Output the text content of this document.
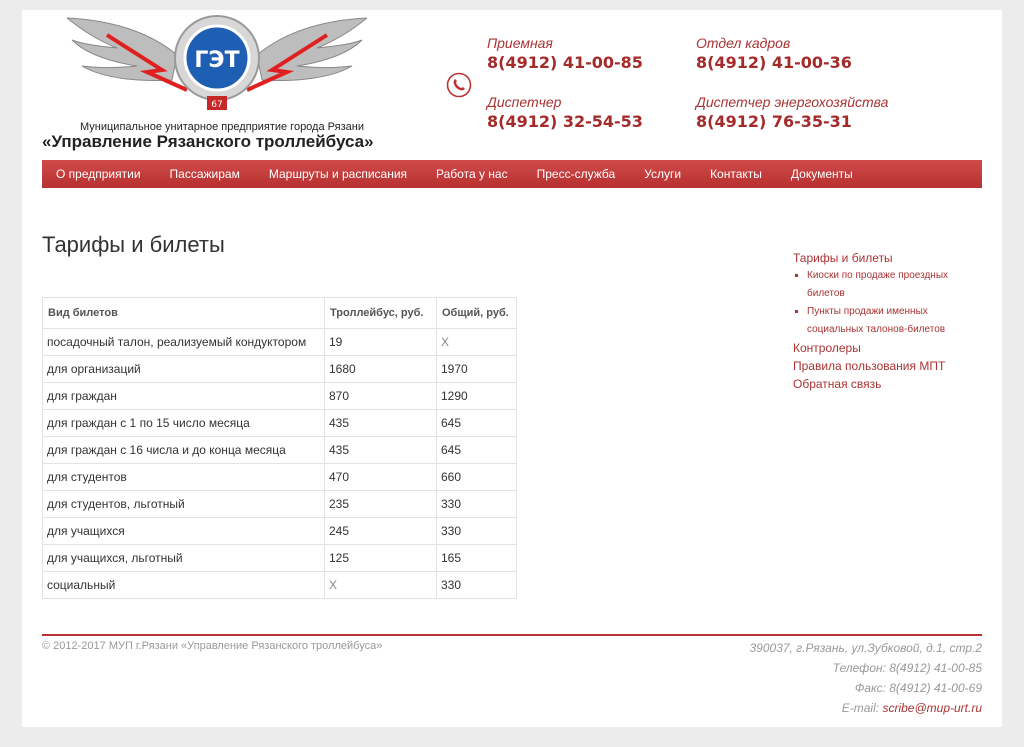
ГЭТ
67
Муниципальное унитарное предприятие города Рязани
«Управление Рязанского троллейбуса»
Приемная
8(4912) 41-00-85
Отдел кадров
8(4912) 41-00-36
Диспетчер
8(4912) 32-54-53
Диспетчер энергохозяйства
8(4912) 76-35-31
О предприятии Пассажирам Маршруты и расписания Работа у нас Пресс-служба Услуги Контакты Документы
Тарифы и билеты
Вид билетов	Троллейбус, руб.	Общий, руб.
посадочный талон, реализуемый кондуктором	19	Х
для организаций	1680	1970
для граждан	870	1290
для граждан с 1 по 15 число месяца	435	645
для граждан с 16 числа и до конца месяца	435	645
для студентов	470	660
для студентов, льготный	235	330
для учащихся	245	330
для учащихся, льготный	125	165
социальный	Х	330
Тарифы и билеты
▪ Киоски по продаже проездных билетов
▪ Пункты продажи именных социальных талонов-билетов
Контролеры
Правила пользования МПТ
Обратная связь
© 2012-2017 МУП г.Рязани «Управление Рязанского троллейбуса»	390037, г.Рязань, ул.Зубковой, д.1, стр.2
Телефон: 8(4912) 41-00-85
Факс: 8(4912) 41-00-69
E-mail: scribe@mup-urt.ru
